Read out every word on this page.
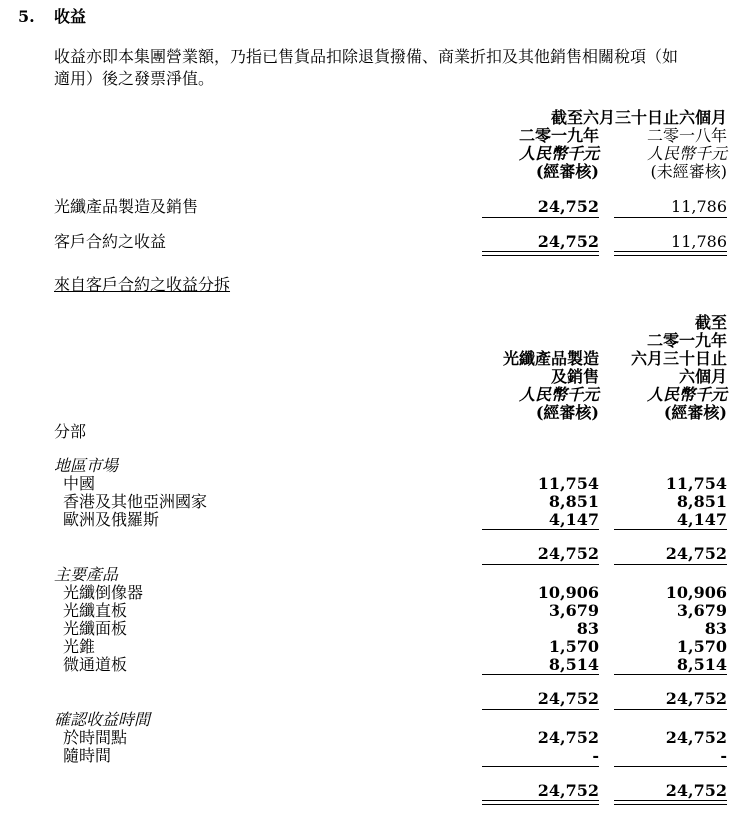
5. 收益
收益亦即本集團營業額，乃指已售貨品扣除退貨撥備、商業折扣及其他銷售相關稅項（如
適用）後之發票淨值。
截至六月三十日止六個月
二零一九年
人民幣千元
(經審核)
二零一八年
人民幣千元
(未經審核)
光纖產品製造及銷售	24,752	11,786
客戶合約之收益	24,752	11,786
來自客戶合約之收益分拆
光纖產品製造
及銷售
人民幣千元
(經審核)
截至
二零一九年
六月三十日止
六個月
人民幣千元
(經審核)
分部
地區市場
中國	11,754	11,754
香港及其他亞洲國家	8,851	8,851
歐洲及俄羅斯	4,147	4,147
24,752	24,752
主要產品
光纖倒像器	10,906	10,906
光纖直板	3,679	3,679
光纖面板	83	83
光錐	1,570	1,570
微通道板	8,514	8,514
24,752	24,752
確認收益時間
於時間點	24,752	24,752
隨時間	-	-
24,752	24,752
